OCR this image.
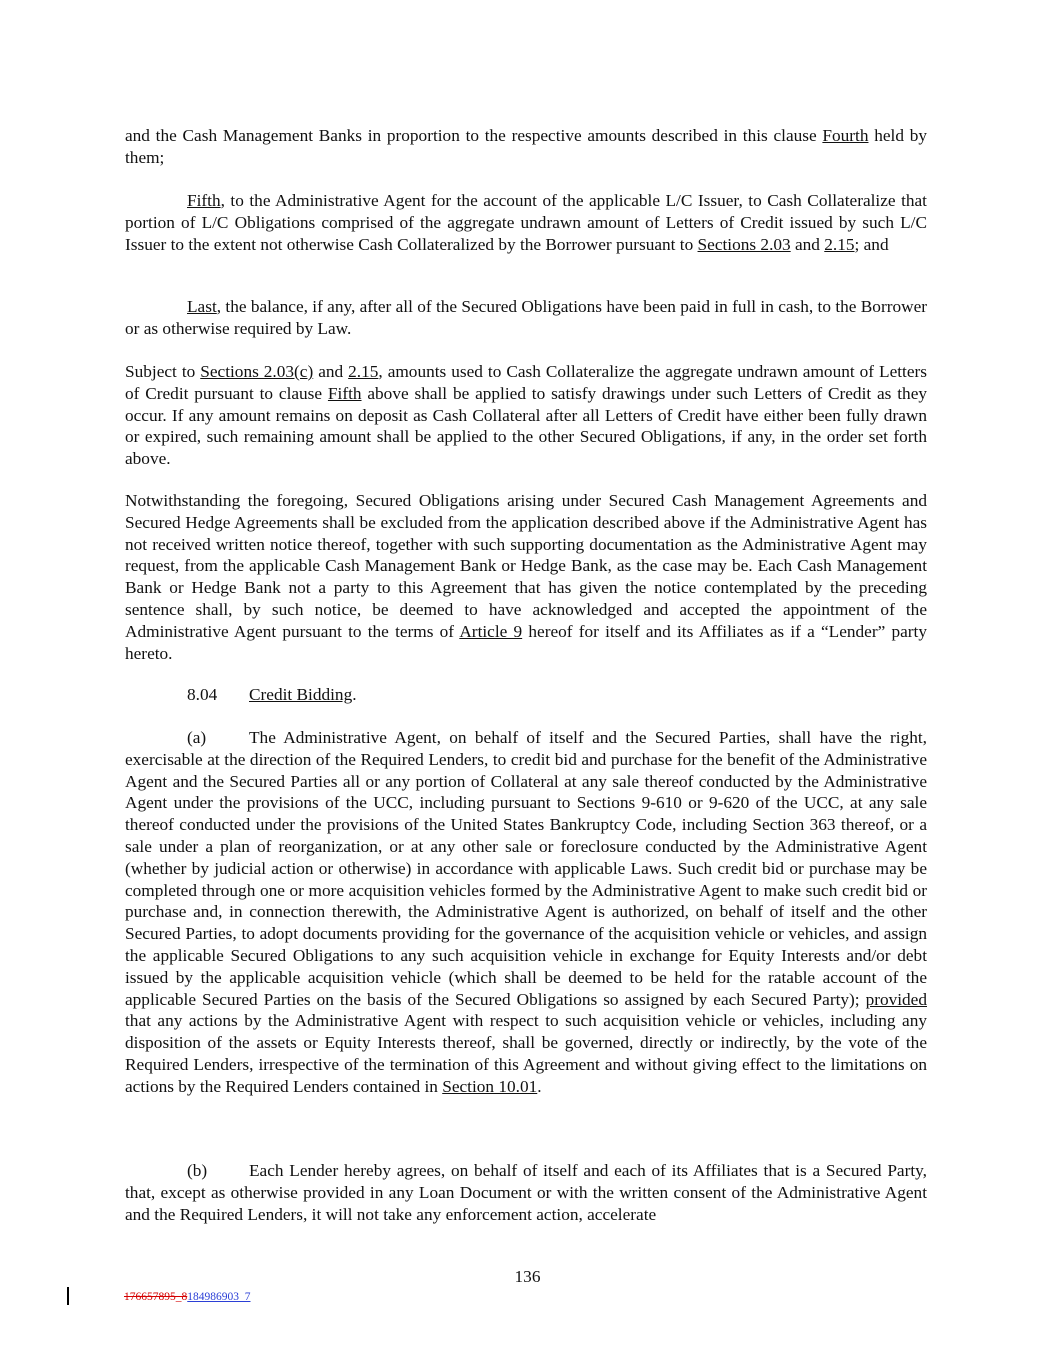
and the Cash Management Banks in proportion to the respective amounts described in this clause Fourth held by them;

Fifth, to the Administrative Agent for the account of the applicable L/C Issuer, to Cash Collateralize that portion of L/C Obligations comprised of the aggregate undrawn amount of Letters of Credit issued by such L/C Issuer to the extent not otherwise Cash Collateralized by the Borrower pursuant to Sections 2.03 and 2.15; and

Last, the balance, if any, after all of the Secured Obligations have been paid in full in cash, to the Borrower or as otherwise required by Law.

Subject to Sections 2.03(c) and 2.15, amounts used to Cash Collateralize the aggregate undrawn amount of Letters of Credit pursuant to clause Fifth above shall be applied to satisfy drawings under such Letters of Credit as they occur. If any amount remains on deposit as Cash Collateral after all Letters of Credit have either been fully drawn or expired, such remaining amount shall be applied to the other Secured Obligations, if any, in the order set forth above.

Notwithstanding the foregoing, Secured Obligations arising under Secured Cash Management Agreements and Secured Hedge Agreements shall be excluded from the application described above if the Administrative Agent has not received written notice thereof, together with such supporting documentation as the Administrative Agent may request, from the applicable Cash Management Bank or Hedge Bank, as the case may be. Each Cash Management Bank or Hedge Bank not a party to this Agreement that has given the notice contemplated by the preceding sentence shall, by such notice, be deemed to have acknowledged and accepted the appointment of the Administrative Agent pursuant to the terms of Article 9 hereof for itself and its Affiliates as if a “Lender” party hereto.

8.04 Credit Bidding.

(a) The Administrative Agent, on behalf of itself and the Secured Parties, shall have the right, exercisable at the direction of the Required Lenders, to credit bid and purchase for the benefit of the Administrative Agent and the Secured Parties all or any portion of Collateral at any sale thereof conducted by the Administrative Agent under the provisions of the UCC, including pursuant to Sections 9-610 or 9-620 of the UCC, at any sale thereof conducted under the provisions of the United States Bankruptcy Code, including Section 363 thereof, or a sale under a plan of reorganization, or at any other sale or foreclosure conducted by the Administrative Agent (whether by judicial action or otherwise) in accordance with applicable Laws. Such credit bid or purchase may be completed through one or more acquisition vehicles formed by the Administrative Agent to make such credit bid or purchase and, in connection therewith, the Administrative Agent is authorized, on behalf of itself and the other Secured Parties, to adopt documents providing for the governance of the acquisition vehicle or vehicles, and assign the applicable Secured Obligations to any such acquisition vehicle in exchange for Equity Interests and/or debt issued by the applicable acquisition vehicle (which shall be deemed to be held for the ratable account of the applicable Secured Parties on the basis of the Secured Obligations so assigned by each Secured Party); provided that any actions by the Administrative Agent with respect to such acquisition vehicle or vehicles, including any disposition of the assets or Equity Interests thereof, shall be governed, directly or indirectly, by the vote of the Required Lenders, irrespective of the termination of this Agreement and without giving effect to the limitations on actions by the Required Lenders contained in Section 10.01.

(b) Each Lender hereby agrees, on behalf of itself and each of its Affiliates that is a Secured Party, that, except as otherwise provided in any Loan Document or with the written consent of the Administrative Agent and the Required Lenders, it will not take any enforcement action, accelerate

136
176657895_8184986903_7
